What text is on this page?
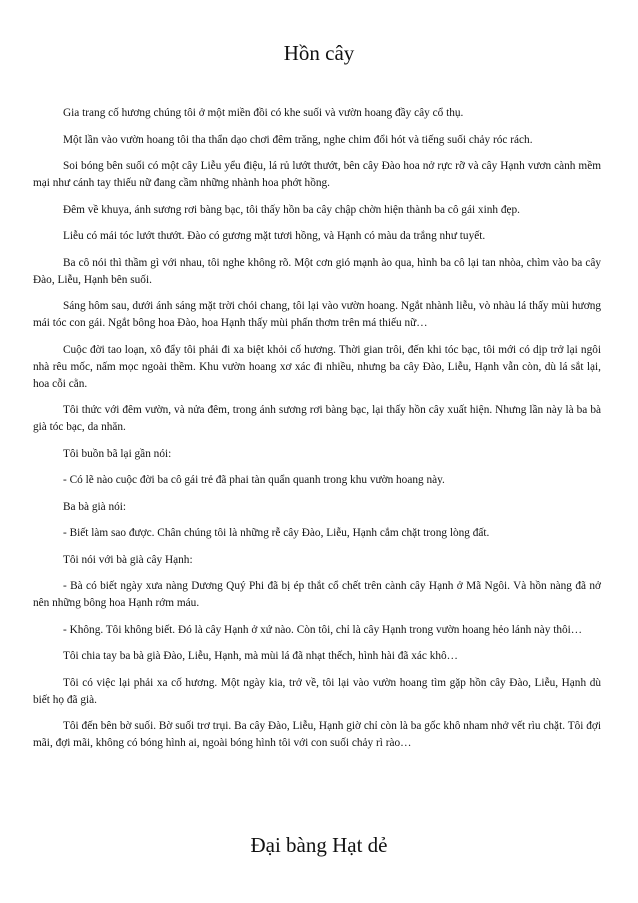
Hồn cây

Gia trang cố hương chúng tôi ở một miền đồi có khe suối và vườn hoang đầy cây cổ thụ.

Một lần vào vườn hoang tôi tha thẩn dạo chơi đêm trăng, nghe chim đổi hót và tiếng suối chảy róc rách.

Soi bóng bên suối có một cây Liễu yểu điệu, lá rủ lướt thướt, bên cây Đào hoa nở rực rỡ và cây Hạnh vươn cành mềm mại như cánh tay thiếu nữ đang cầm những nhành hoa phớt hồng.

Đêm về khuya, ánh sương rơi bàng bạc, tôi thấy hồn ba cây chập chờn hiện thành ba cô gái xinh đẹp.

Liễu có mái tóc lướt thướt. Đào có gương mặt tươi hồng, và Hạnh có màu da trắng như tuyết.

Ba cô nói thì thầm gì với nhau, tôi nghe không rõ. Một cơn gió mạnh ào qua, hình ba cô lại tan nhòa, chìm vào ba cây Đào, Liễu, Hạnh bên suối.

Sáng hôm sau, dưới ánh sáng mặt trời chói chang, tôi lại vào vườn hoang. Ngắt nhành liễu, vò nhàu lá thấy mùi hương mái tóc con gái. Ngắt bông hoa Đào, hoa Hạnh thấy mùi phấn thơm trên má thiếu nữ…

Cuộc đời tao loạn, xô đẩy tôi phải đi xa biệt khỏi cố hương. Thời gian trôi, đến khi tóc bạc, tôi mới có dịp trở lại ngôi nhà rêu mốc, nấm mọc ngoài thềm. Khu vườn hoang xơ xác đi nhiều, nhưng ba cây Đào, Liễu, Hạnh vẫn còn, dù lá sắt lại, hoa cỗi cằn.

Tôi thức với đêm vườn, và nửa đêm, trong ánh sương rơi bàng bạc, lại thấy hồn cây xuất hiện. Nhưng lần này là ba bà già tóc bạc, da nhăn.

Tôi buồn bã lại gần nói:

- Có lẽ nào cuộc đời ba cô gái trẻ đã phai tàn quẩn quanh trong khu vườn hoang này.

Ba bà già nói:

- Biết làm sao được. Chân chúng tôi là những rễ cây Đào, Liễu, Hạnh cắm chặt trong lòng đất.

Tôi nói với bà già cây Hạnh:

- Bà có biết ngày xưa nàng Dương Quý Phi đã bị ép thắt cổ chết trên cành cây Hạnh ở Mã Ngôi. Và hồn nàng đã nở nên những bông hoa Hạnh rớm máu.

- Không. Tôi không biết. Đó là cây Hạnh ở xứ nào. Còn tôi, chỉ là cây Hạnh trong vườn hoang hẻo lánh này thôi…

Tôi chia tay ba bà già Đào, Liễu, Hạnh, mà mùi lá đã nhạt thếch, hình hài đã xác khô…

Tôi có việc lại phải xa cố hương. Một ngày kia, trở về, tôi lại vào vườn hoang tìm gặp hồn cây Đào, Liễu, Hạnh dù biết họ đã già.

Tôi đến bên bờ suối. Bờ suối trơ trụi. Ba cây Đào, Liễu, Hạnh giờ chỉ còn là ba gốc khô nham nhở vết rìu chặt. Tôi đợi mãi, đợi mãi, không có bóng hình ai, ngoài bóng hình tôi với con suối chảy rì rào…

Đại bàng Hạt dẻ
